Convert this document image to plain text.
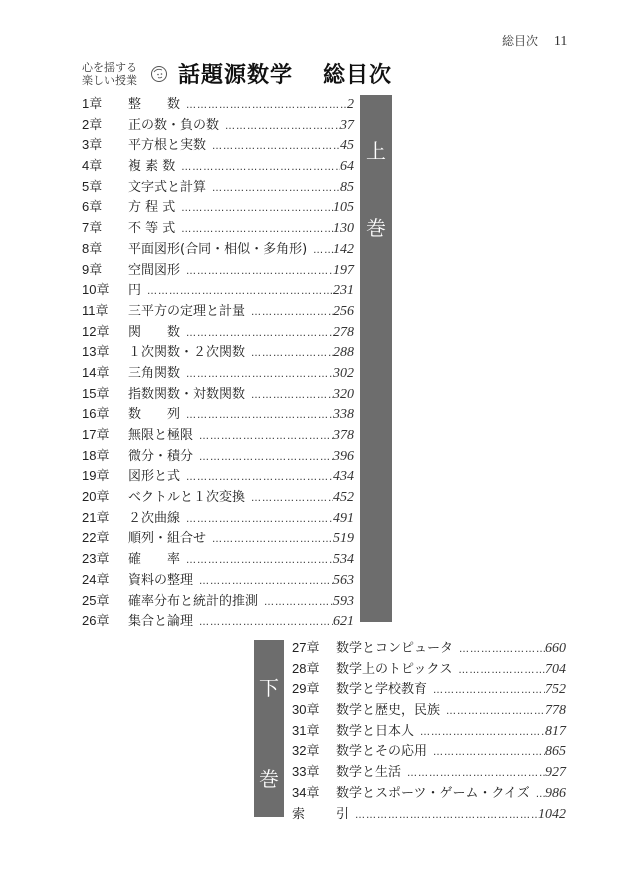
総目次 11
心を揺する
楽しい授業	話題源数学 総目次
上
巻
下
巻
1章	整　　数 ……………………………………………………………………………………………………………	2
2章	正の数・負の数 ……………………………………………………………………………………………………………	37
3章	平方根と実数 ……………………………………………………………………………………………………………	45
4章	複 素 数 ……………………………………………………………………………………………………………	64
5章	文字式と計算 ……………………………………………………………………………………………………………	85
6章	方 程 式 ……………………………………………………………………………………………………………	105
7章	不 等 式 ……………………………………………………………………………………………………………	130
8章	平面図形(合同・相似・多角形) ……………………………………………………………………………………………………………	142
9章	空間図形 ……………………………………………………………………………………………………………	197
10章	円 ……………………………………………………………………………………………………………	231
11章	三平方の定理と計量 ……………………………………………………………………………………………………………	256
12章	関　　数 ……………………………………………………………………………………………………………	278
13章	１次関数・２次関数 ……………………………………………………………………………………………………………	288
14章	三角関数 ……………………………………………………………………………………………………………	302
15章	指数関数・対数関数 ……………………………………………………………………………………………………………	320
16章	数　　列 ……………………………………………………………………………………………………………	338
17章	無限と極限 ……………………………………………………………………………………………………………	378
18章	微分・積分 ……………………………………………………………………………………………………………	396
19章	図形と式 ……………………………………………………………………………………………………………	434
20章	ベクトルと１次変換 ……………………………………………………………………………………………………………	452
21章	２次曲線 ……………………………………………………………………………………………………………	491
22章	順列・組合せ ……………………………………………………………………………………………………………	519
23章	確　　率 ……………………………………………………………………………………………………………	534
24章	資料の整理 ……………………………………………………………………………………………………………	563
25章	確率分布と統計的推測 ……………………………………………………………………………………………………………	593
26章	集合と論理 ……………………………………………………………………………………………………………	621
27章	数学とコンピュータ ……………………………………………………………………………………………………………	660
28章	数学上のトピックス ……………………………………………………………………………………………………………	704
29章	数学と学校教育 ……………………………………………………………………………………………………………	752
30章	数学と歴史，民族 ……………………………………………………………………………………………………………	778
31章	数学と日本人 ……………………………………………………………………………………………………………	817
32章	数学とその応用 ……………………………………………………………………………………………………………	865
33章	数学と生活 ……………………………………………………………………………………………………………	927
34章	数学とスポーツ・ゲーム・クイズ ……………………………………………………………………………………………………………	986
索	引 ……………………………………………………………………………………………………………	1042
